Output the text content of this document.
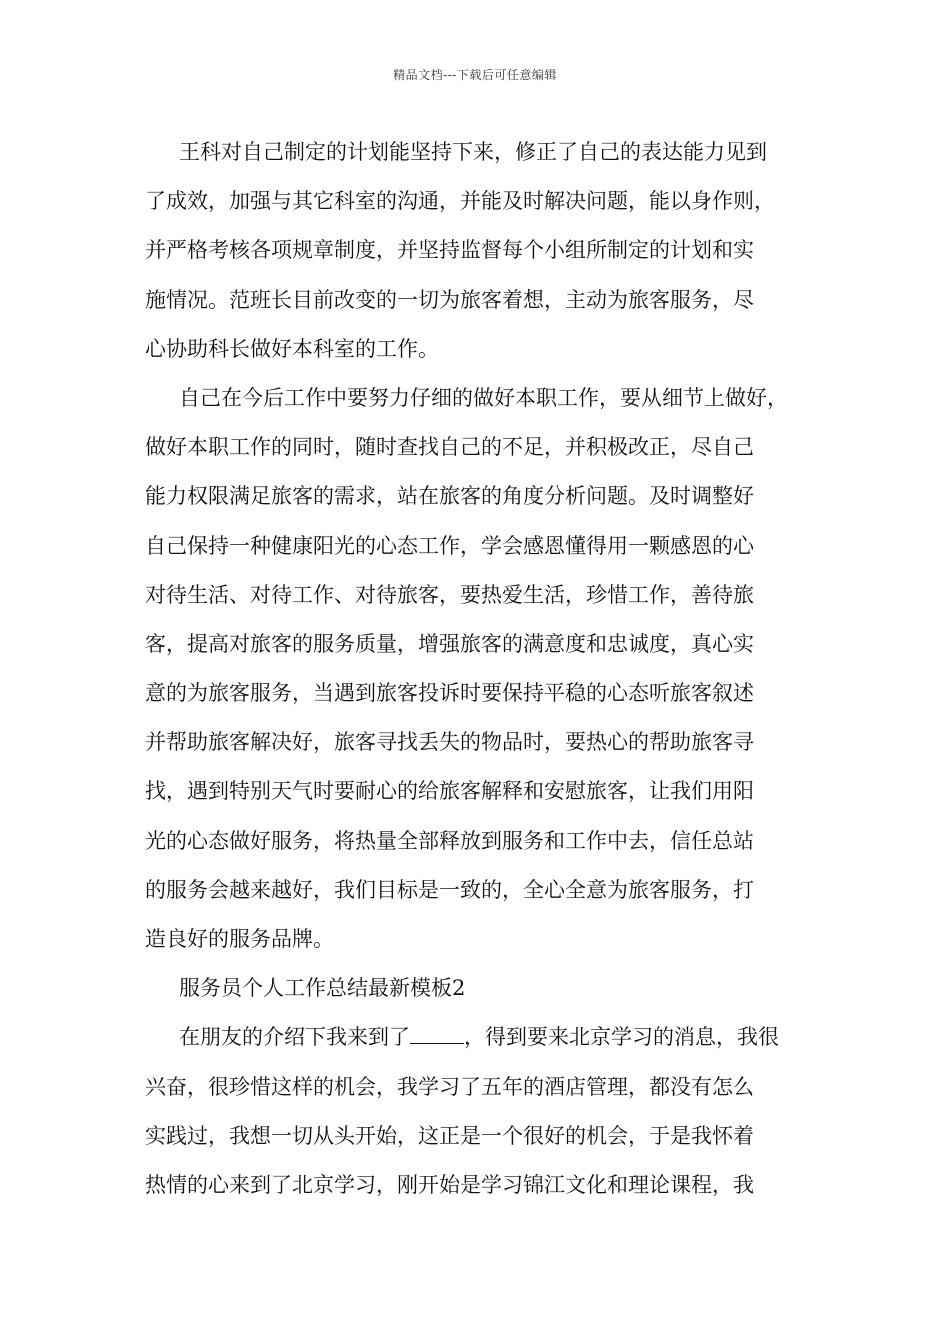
精品文档---下载后可任意编辑
王科对自己制定的计划能坚持下来，修正了自己的表达能力见到
了成效，加强与其它科室的沟通，并能及时解决问题，能以身作则，
并严格考核各项规章制度，并坚持监督每个小组所制定的计划和实
施情况。范班长目前改变的一切为旅客着想，主动为旅客服务，尽
心协助科长做好本科室的工作。
自己在今后工作中要努力仔细的做好本职工作，要从细节上做好，
做好本职工作的同时，随时查找自己的不足，并积极改正，尽自己
能力权限满足旅客的需求，站在旅客的角度分析问题。及时调整好
自己保持一种健康阳光的心态工作，学会感恩懂得用一颗感恩的心
对待生活、对待工作、对待旅客，要热爱生活，珍惜工作，善待旅
客，提高对旅客的服务质量，增强旅客的满意度和忠诚度，真心实
意的为旅客服务，当遇到旅客投诉时要保持平稳的心态听旅客叙述
并帮助旅客解决好，旅客寻找丢失的物品时，要热心的帮助旅客寻
找，遇到特别天气时要耐心的给旅客解释和安慰旅客，让我们用阳
光的心态做好服务，将热量全部释放到服务和工作中去，信任总站
的服务会越来越好，我们目标是一致的，全心全意为旅客服务，打
造良好的服务品牌。
服务员个人工作总结最新模板2
在朋友的介绍下我来到了	，得到要来北京学习的消息，我很
兴奋，很珍惜这样的机会，我学习了五年的酒店管理，都没有怎么
实践过，我想一切从头开始，这正是一个很好的机会，于是我怀着
热情的心来到了北京学习，刚开始是学习锦江文化和理论课程，我
